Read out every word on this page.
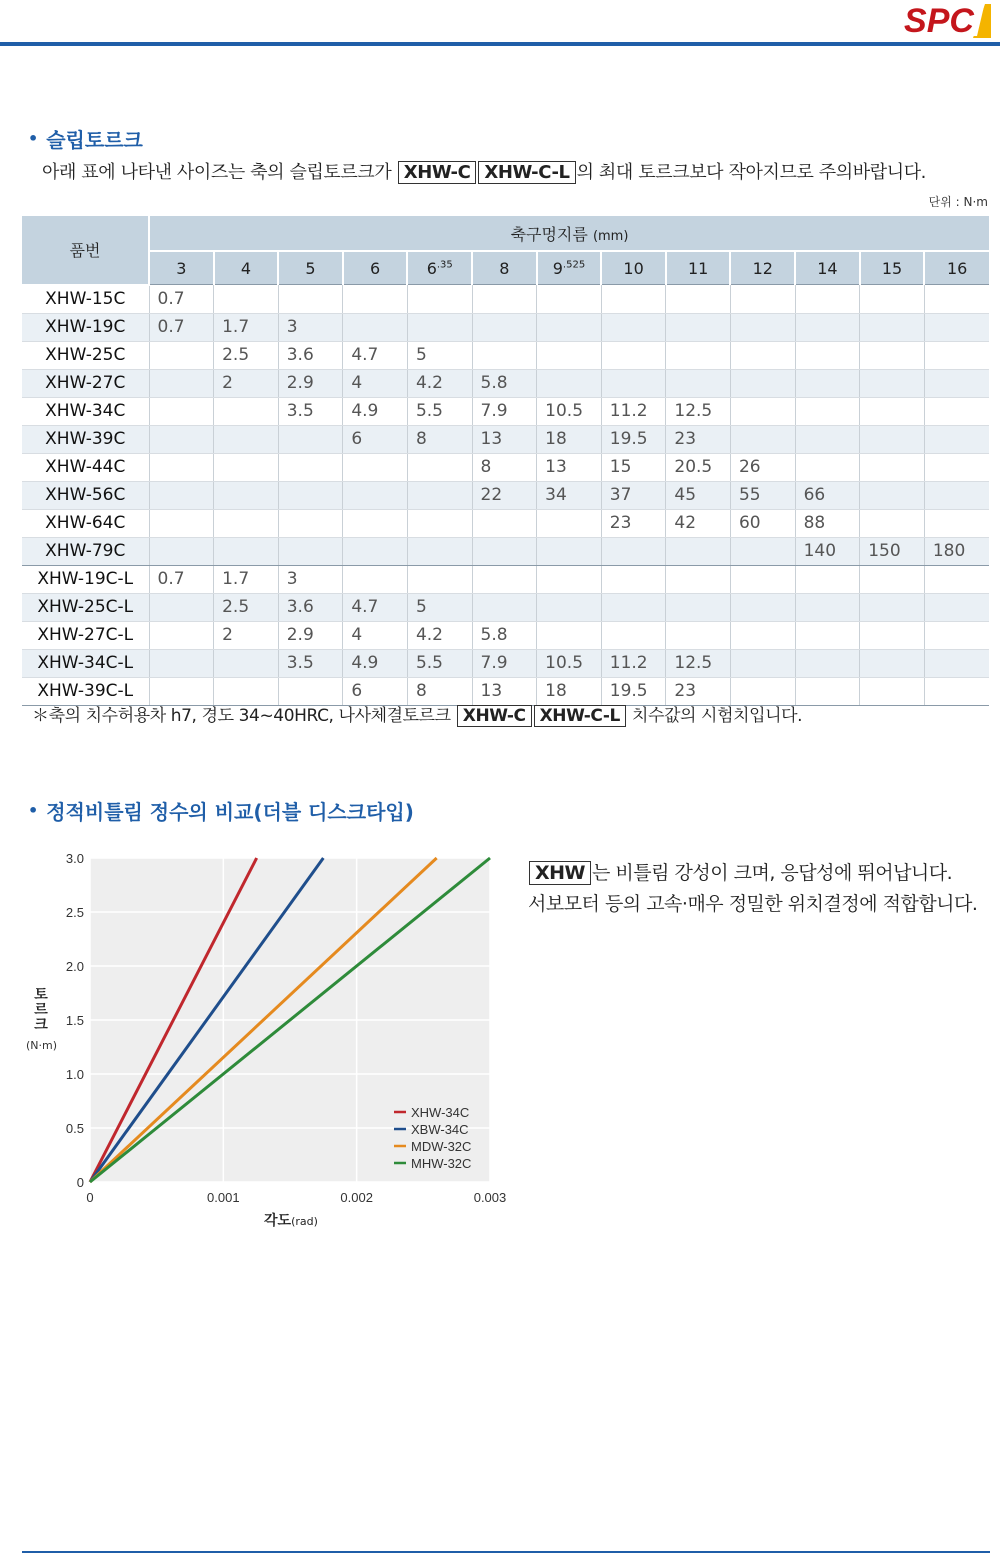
SPC
• 슬립토르크
아래 표에 나타낸 사이즈는 축의 슬립토르크가 XHW-C XHW-C-L 의 최대 토르크보다 작아지므로 주의바랍니다.
단위 : N·m
품번	축구멍지름 (mm)												
	3	4	5	6	$6^{.35}$	8	$9^{.525}$	10	11	12	14	15	16
XHW-15C	0.7												
XHW-19C	0.7	1.7	3										
XHW-25C		2.5	3.6	4.7	5								
XHW-27C		2	2.9	4	4.2	5.8							
XHW-34C			3.5	4.9	5.5	7.9	10.5	11.2	12.5				
XHW-39C				6	8	13	18	19.5	23				
XHW-44C						8	13	15	20.5	26			
XHW-56C						22	34	37	45	55	66		
XHW-64C								23	42	60	88		
XHW-79C											140	150	180
XHW-19C-L	0.7	1.7	3										
XHW-25C-L		2.5	3.6	4.7	5								
XHW-27C-L		2	2.9	4	4.2	5.8							
XHW-34C-L			3.5	4.9	5.5	7.9	10.5	11.2	12.5				
XHW-39C-L				6	8	13	18	19.5	23				
＊축의 치수허용차 h7, 경도 34~40HRC, 나사체결토르크 XHW-C XHW-C-L 치수값의 시험치입니다.
• 정적비틀림 정수의 비교(더블 디스크타입)
0
0.5
1.0
1.5
2.0
2.5
3.0
0	0.001	0.002	0.003
XHW-34C
XBW-34C
MDW-32C
MHW-32C
토르크
(N·m)
각도(rad)
XHW 는 비틀림 강성이 크며, 응답성에 뛰어납니다.
서보모터 등의 고속·매우 정밀한 위치결정에 적합합니다.
